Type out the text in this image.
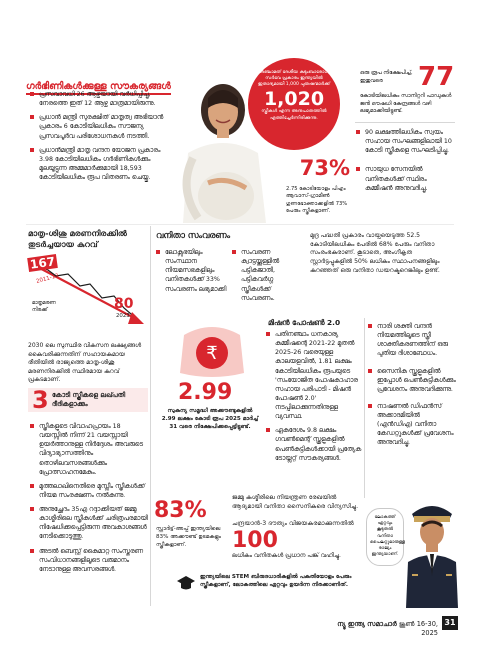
ഗർഭിണികൾക്കുള്ള സൗകര്യങ്ങൾ
പ്രസവാവധി 26 ആഴ്ചയായി വർധിപ്പിച്ചു, നേരത്തെ ഇത് 12 ആഴ്ച മാത്രമായിരുന്നു.
പ്രധാൻ മന്ത്രി സുരക്ഷിത് മാതൃത്വ അഭിയാൻ പ്രകാരം 6 കോടിയിലധികം സൗജന്യ പ്രസവപൂർവ പരിശോധനകൾ നടത്തി.
പ്രധാൻമന്ത്രി മാതൃ വന്ദന യോജന പ്രകാരം 3.98 കോടിയിലധികം ഗർഭിണികൾക്കും മുലയൂട്ടുന്ന അമ്മമാർക്കുമായി 18,593 കോടിയിലധികം രൂപ വിതരണം ചെയ്തു.
അഞ്ചാമത് ദേശീയ കുടുംബാരോഗ്യ സർവേ പ്രകാരം ഇന്ത്യയിൽ ഇതാദ്യമായി 1,000 പുരുഷന്മാർക്ക്
1,020
സ്ത്രീകൾ എന്ന അനുപാതത്തിൽ എത്തിച്ചേർന്നിരിക്കുന്നു.
73%
2.75 കോടിയോളം പിഎം ആവാസ്-ഗ്രാമീൺ ഗുണഭോക്താക്കളിൽ 73% പേരും സ്ത്രീകളാണ്.
ഒരു രൂപ നിക്ഷേപിച്ച്, ഇതുവരെ	77
കോടിയിലധികം സാനിറ്ററി പാഡുകൾ ജൻ ഔഷധി കേന്ദ്രങ്ങൾ വഴി ലഭ്യമാക്കിയിട്ടുണ്ട്.
90 ലക്ഷത്തിലധികം സ്വയം സഹായ സംഘങ്ങളിലായി 10 കോടി സ്ത്രീകളെ സംഘടിപ്പിച്ചു.
സായുധ സേനയിൽ വനിതകൾക്ക് സ്ഥിരം കമ്മീഷൻ അനുവദിച്ചു.
മാതൃ-ശിശു മരണനിരക്കിൽ തുടർച്ചയായ കുറവ്
167
2011-13
80
2023
മാതൃമരണ നിരക്ക്
2030 ലെ സുസ്ഥിര വികസന ലക്ഷ്യങ്ങൾ കൈവരിക്കുന്നതിന് സഹായകമായ രീതിയിൽ രാജ്യത്തെ മാതൃ-ശിശു മരണനിരക്കിൽ സ്ഥിരമായ കുറവ് പ്രകടമാണ്.
3 കോടി സ്ത്രീകളെ ലഖ്പതി ദീദികളാക്കും
സ്ത്രീകളുടെ വിവാഹപ്രായം 18 വയസ്സിൽ നിന്ന് 21 വയസ്സായി ഉയർത്താനുള്ള നിർദ്ദേശം അവരുടെ വിദ്യാഭ്യാസത്തിനും തൊഴിലവസരങ്ങൾക്കും പ്രോത്സാഹനമേകും.
മുത്തലാഖിനെതിരെ മുസ്ലീം സ്ത്രീകൾക്ക് നിയമ സംരക്ഷണം നൽകുന്നു.
അനുച്ഛേദം 35എ റദ്ദാക്കിയത് ജമ്മു കാശ്മീരിലെ സ്ത്രീകൾക്ക് ചരിത്രപരമായി നിഷേധിക്കപ്പെട്ടിരുന്ന അവകാശങ്ങൾ നേടിക്കൊടുത്തു.
അടൽ ബെസ്റ്റ് കൈമാറ്റ സംസ്കരണ സംവിധാനങ്ങളിലൂടെ വരുമാനം നേടാനുള്ള അവസരങ്ങൾ.
വനിതാ സംവരണം
ലോക്സഭയിലും സംസ്ഥാന നിയമസഭകളിലും വനിതകൾക്ക് 33% സംവരണം ലഭ്യമാക്കി
സംവരണ ക്വാട്ടയ്ക്കുള്ളിൽ പട്ടികജാതി, പട്ടികവർഗ്ഗ സ്ത്രീകൾക്ക് സംവരണം.
മുദ്ര പദ്ധതി പ്രകാരം വായ്പയെടുത്ത 52.5 കോടിയിലധികം പേരിൽ 68% പേരും വനിതാ സംരംഭകരാണ്. കൂടാതെ, അംഗീകൃത സ്റ്റാർട്ടപ്പുകളിൽ 50% ലധികം സ്ഥാപനങ്ങളിലും കുറഞ്ഞത് ഒരു വനിതാ ഡയറക്ടറെങ്കിലും ഉണ്ട്.
₹
2.99
സുകന്യ സമൃദ്ധി അക്കൗണ്ടുകളിൽ 2.99 ലക്ഷം കോടി രൂപ 2025 മാർച്ച് 31 വരെ നിക്ഷേപിക്കപ്പെട്ടിട്ടുണ്ട്.
മിഷൻ പോഷൺ 2.0
പതിനഞ്ചാം ധനകാര്യ കമ്മീഷന്റെ 2021-22 മുതൽ 2025-26 വരെയുള്ള കാലയളവിൽ, 1.81 ലക്ഷം കോടിയിലധികം രൂപയുടെ 'സംയോജിത പോഷകാഹാര സഹായ പരിപാടി - മിഷൻ പോഷൺ 2.0' നടപ്പിലാക്കുന്നതിനുള്ള വ്യവസ്ഥ.
ഏകദേശം 9.8 ലക്ഷം ഗവൺമെന്റ് സ്കൂളുകളിൽ പെൺകുട്ടികൾക്കായി പ്രത്യേക ടോയ്ലറ്റ് സൗകര്യങ്ങൾ.
നാരി ശക്തി വന്ദൻ നിയമത്തിലൂടെ സ്ത്രീ ശാക്തീകരണത്തിന് ഒരു പുതിയ ദിശാബോധം.
സൈനിക സ്കൂളുകളിൽ ഇപ്പോൾ പെൺകുട്ടികൾക്കും പ്രവേശനം അനുവദിക്കുന്നു.
നാഷണൽ ഡിഫൻസ് അക്കാദമിയിൽ (എൻഡിഎ) വനിതാ കേഡറ്റുകൾക്ക് പ്രവേശനം അനുവദിച്ചു.
83%
സ്റ്റാർട്ട്-അപ്പ് ഇന്ത്യയിലെ 83% അക്കൗണ്ട് ഉടമകളും സ്ത്രീകളാണ്.
ജമ്മു കശ്മീരിലെ നിയന്ത്രണ രേഖയിൽ ആദ്യമായി വനിതാ സൈനികരെ വിന്യസിച്ചു.
ചന്ദ്രയാൻ-3 ദൗത്യം വിജയകരമാക്കുന്നതിൽ
100
ലധികം വനിതകൾ പ്രധാന പങ്ക് വഹിച്ചു.
ഇന്ത്യയിലെ STEM ബിരുദധാരികളിൽ പകുതിയോളം പേരും സ്ത്രീകളാണ്, ലോകത്തിലെ ഏറ്റവും ഉയർന്ന നിരക്കാണിത്.
ലോകത്ത് ഏറ്റവും കൂടുതൽ വനിതാ പൈലറ്റുമാരുള്ള രാജ്യം ഇന്ത്യയാണ്.
ന്യൂ ഇന്ത്യ സമാചാർ ജൂൺ 16-30, 2025
31
